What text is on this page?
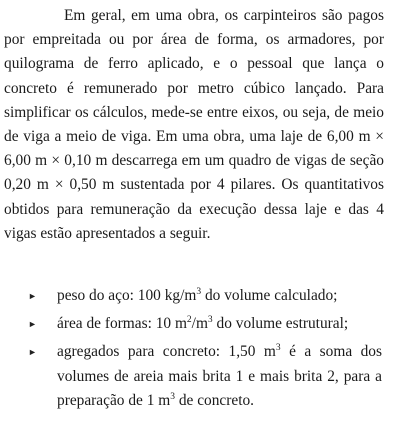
Em geral, em uma obra, os carpinteiros são pagos por empreitada ou por área de forma, os armadores, por quilograma de ferro aplicado, e o pessoal que lança o concreto é remunerado por metro cúbico lançado. Para simplificar os cálculos, mede-se entre eixos, ou seja, de meio de viga a meio de viga. Em uma obra, uma laje de 6,00 m × 6,00 m × 0,10 m descarrega em um quadro de vigas de seção 0,20 m × 0,50 m sustentada por 4 pilares. Os quantitativos obtidos para remuneração da execução dessa laje e das 4 vigas estão apresentados a seguir.

► peso do aço: 100 $kg/m^3$ do volume calculado;
► área de formas: 10 $m^2/m^3$ do volume estrutural;
► agregados para concreto: 1,50 $m^3$ é a soma dos volumes de areia mais brita 1 e mais brita 2, para a preparação de 1 $m^3$ de concreto.
